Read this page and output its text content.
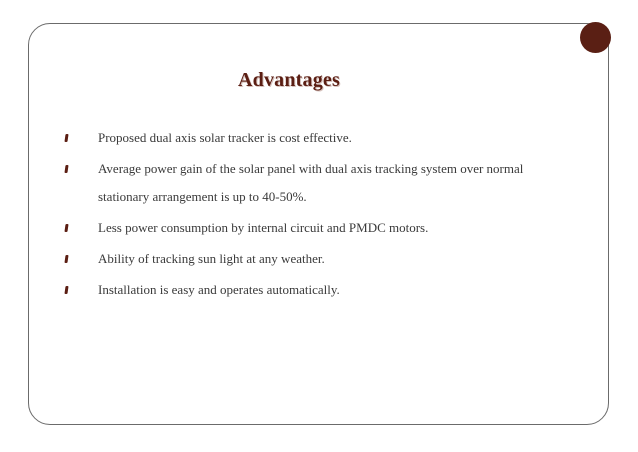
Advantages
Proposed dual axis solar tracker is cost effective.
Average power gain of the solar panel with dual axis tracking system over normal stationary arrangement is up to 40-50%.
Less power consumption by internal circuit and PMDC motors.
Ability of tracking sun light at any weather.
Installation is easy and operates automatically.
